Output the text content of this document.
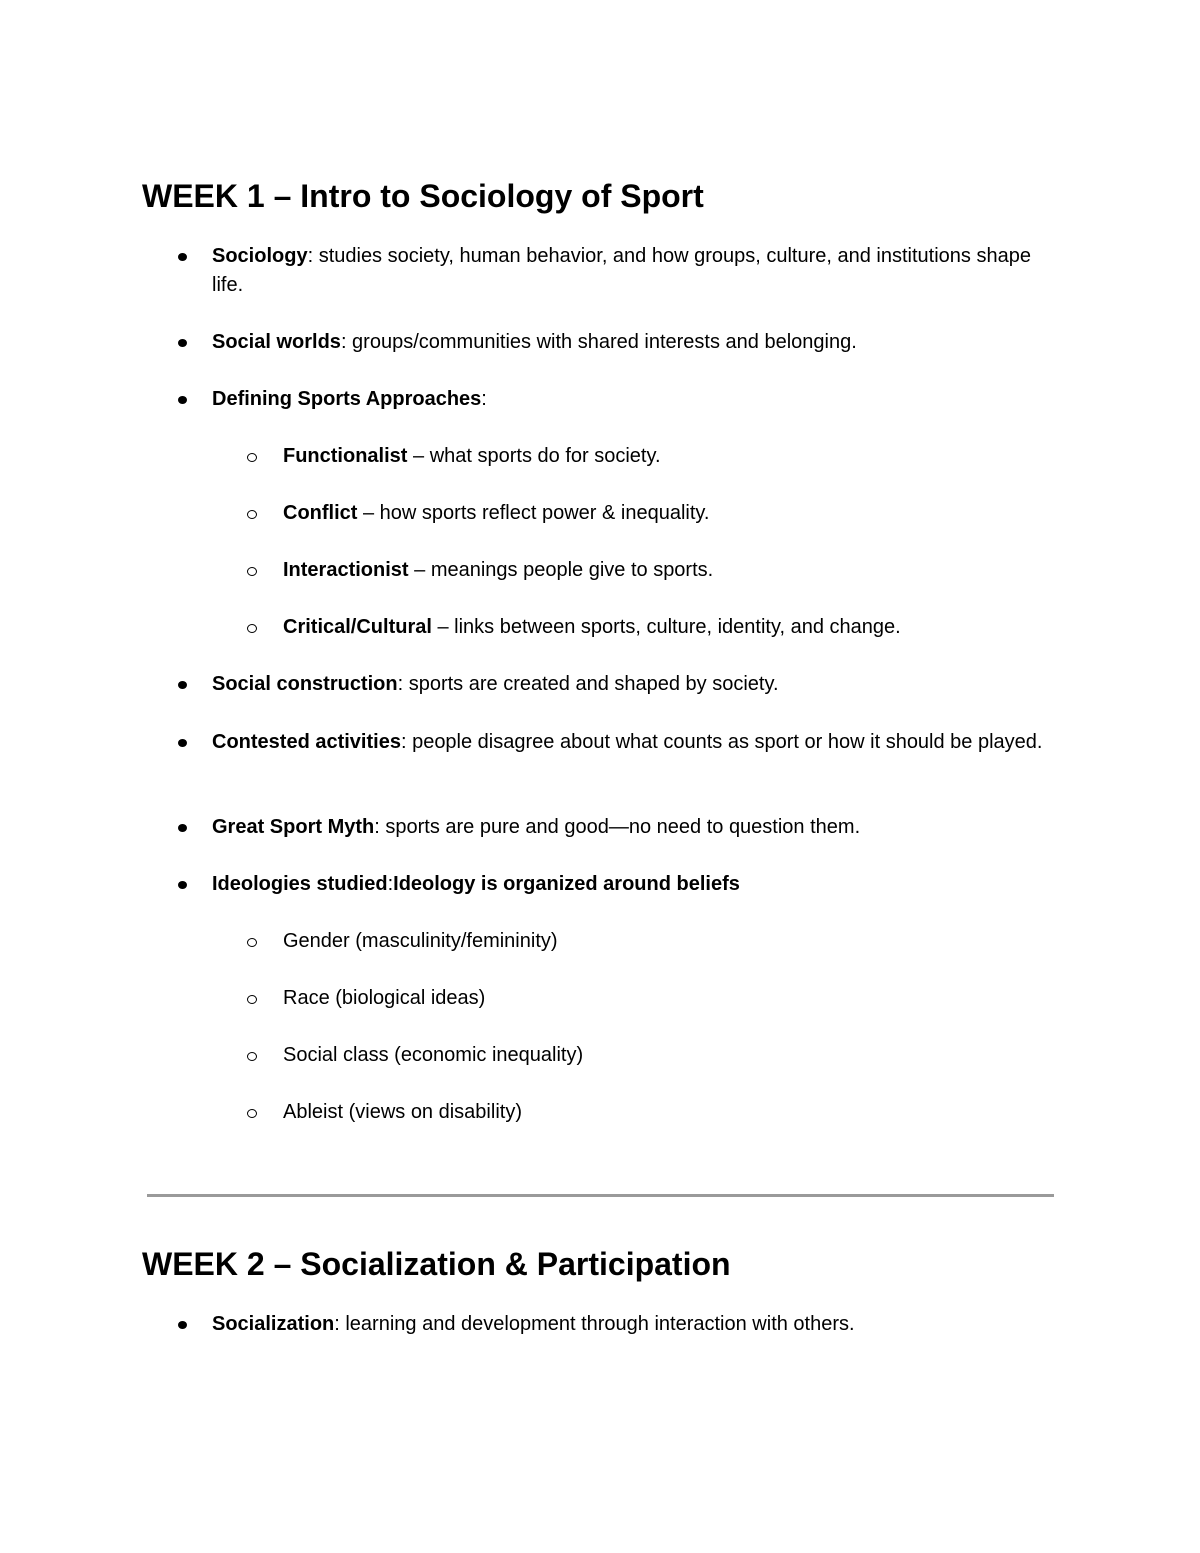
WEEK 1 – Intro to Sociology of Sport
Sociology: studies society, human behavior, and how groups, culture, and institutions shape life.
Social worlds: groups/communities with shared interests and belonging.
Defining Sports Approaches:
Functionalist – what sports do for society.
Conflict – how sports reflect power & inequality.
Interactionist – meanings people give to sports.
Critical/Cultural – links between sports, culture, identity, and change.
Social construction: sports are created and shaped by society.
Contested activities: people disagree about what counts as sport or how it should be played.
Great Sport Myth: sports are pure and good—no need to question them.
Ideologies studied:Ideology is organized around beliefs
Gender (masculinity/femininity)
Race (biological ideas)
Social class (economic inequality)
Ableist (views on disability)
WEEK 2 – Socialization & Participation
Socialization: learning and development through interaction with others.
